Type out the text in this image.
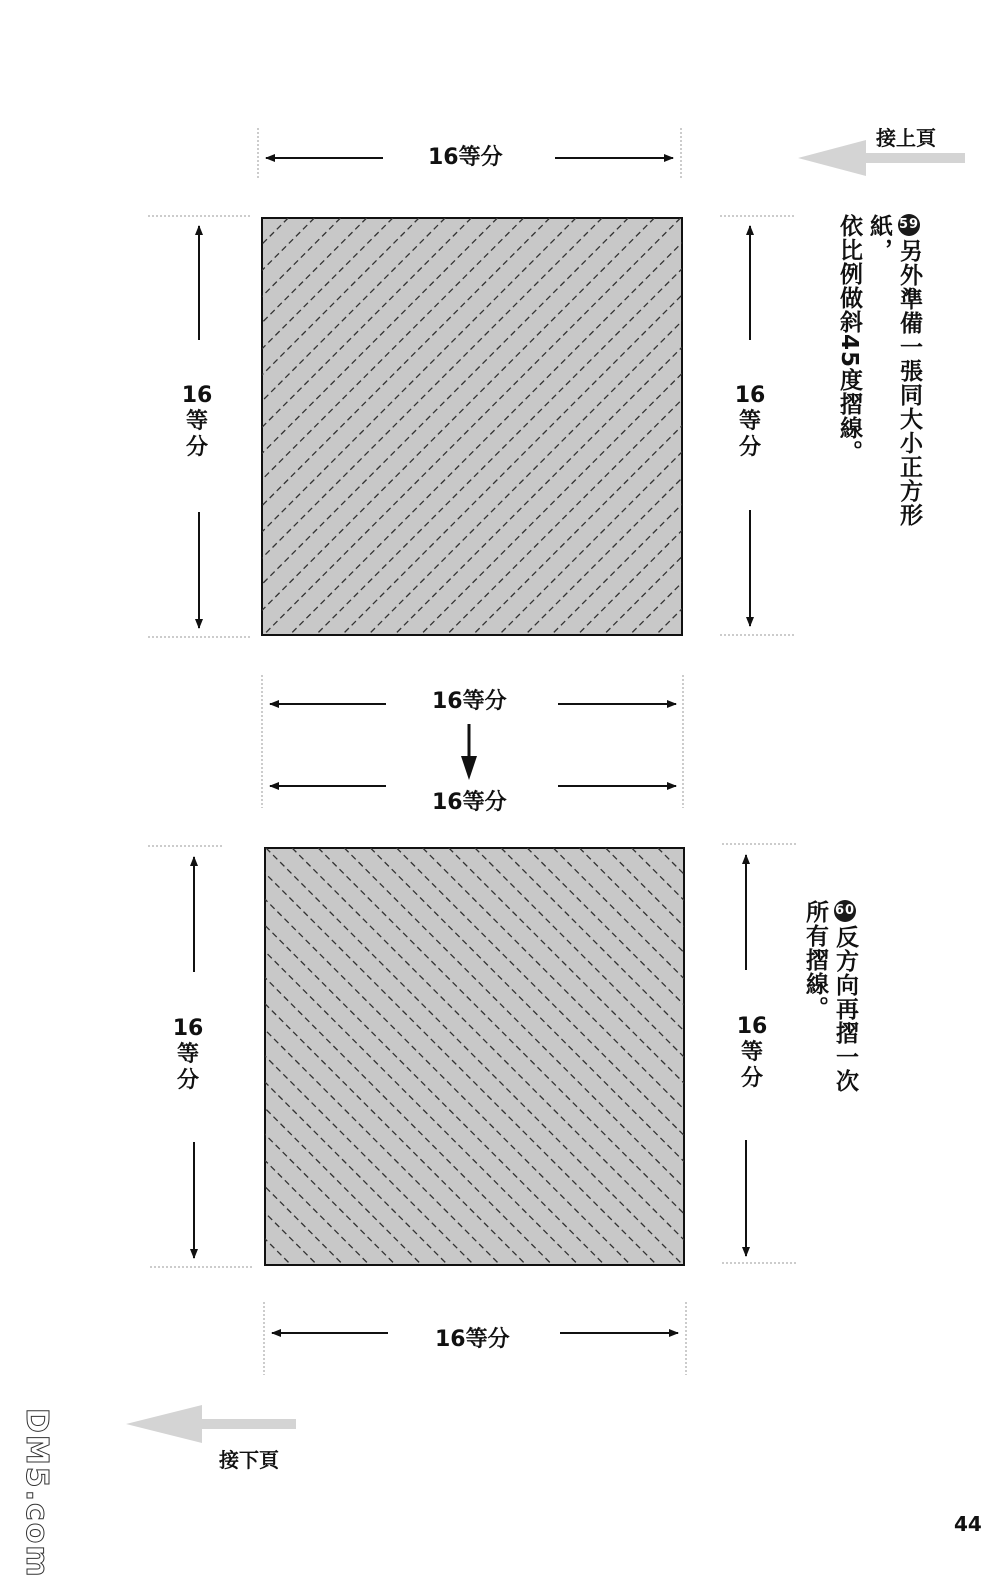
16等分
16
等
分
16
等
分
16等分
16等分
16
等
分
16
等
分
16等分
59另外準備一張同大小正方形紙，
依比例做斜45度摺線。
60反方向再摺一次
所有摺線。
接上頁
接下頁
44
DM5.com
